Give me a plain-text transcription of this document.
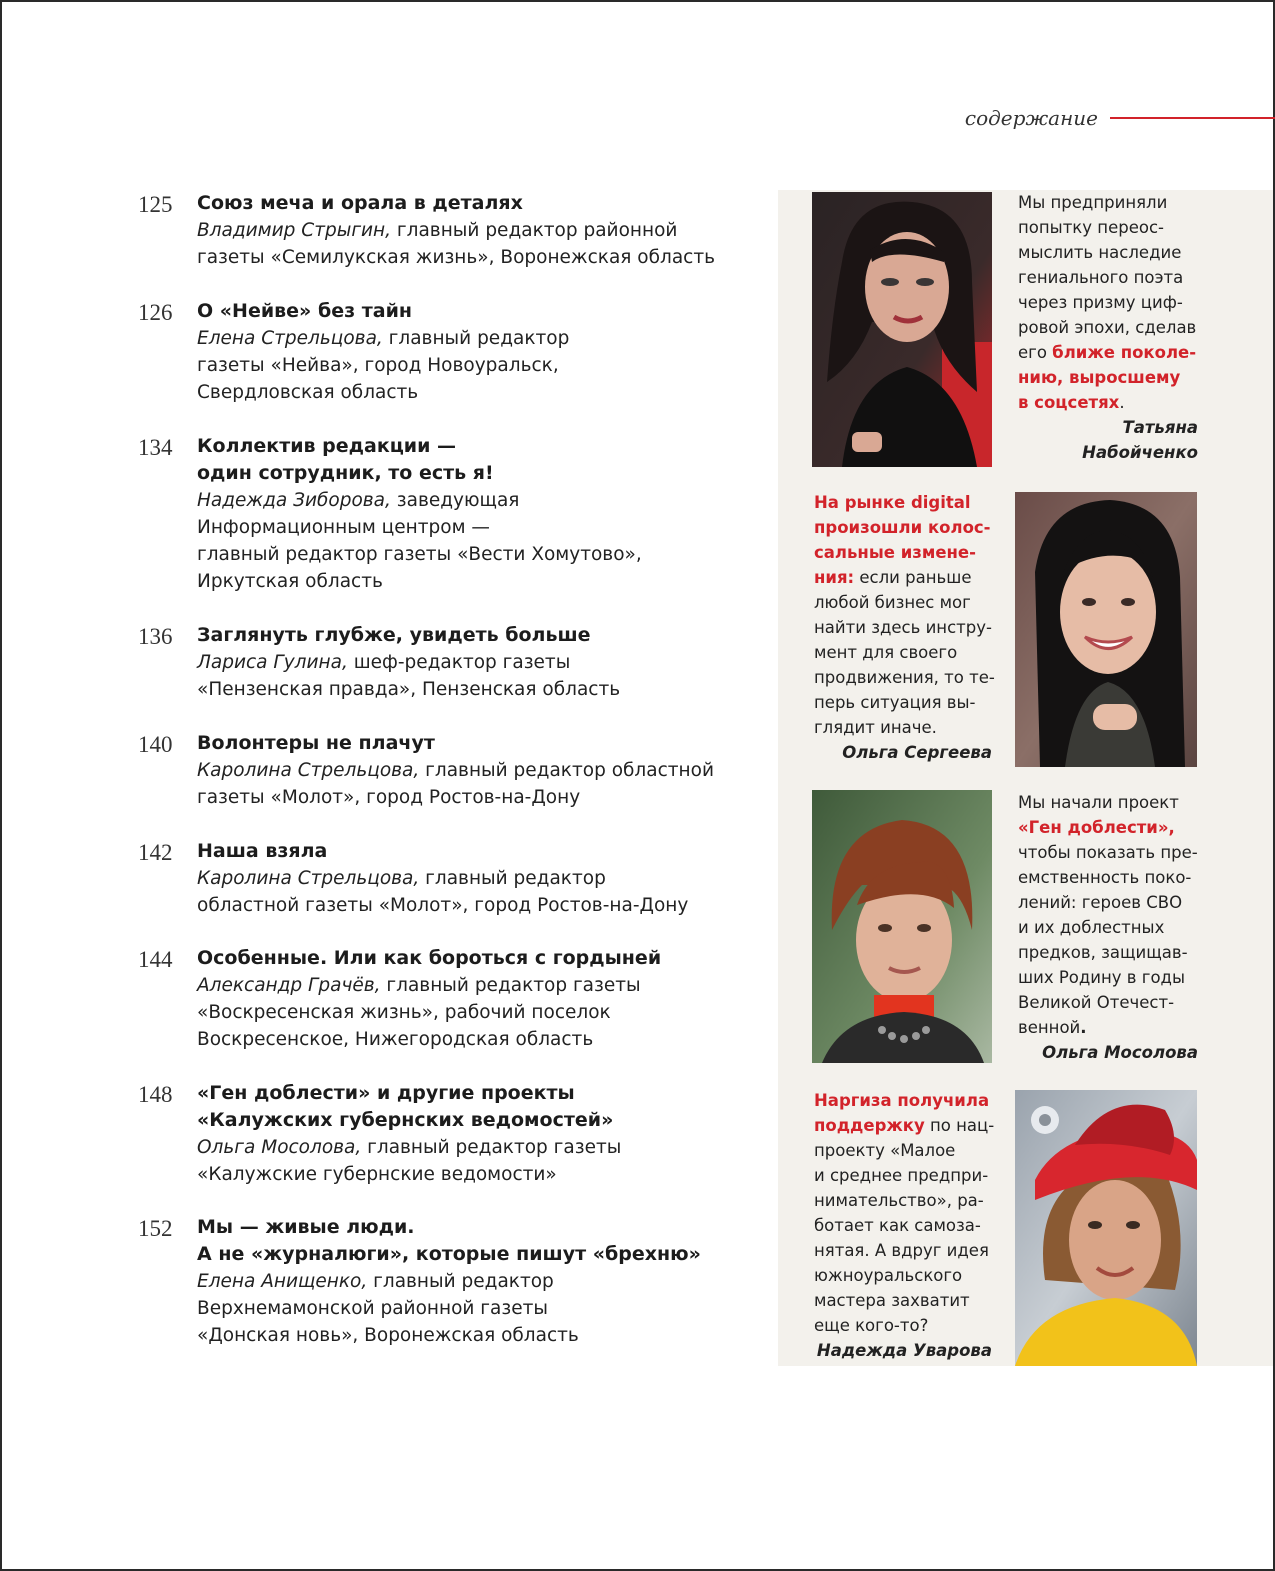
содержание
125 Союз меча и орала в деталях
Владимир Стрыгин, главный редактор районной
газеты «Семилукская жизнь», Воронежская область
126 О «Нейве» без тайн
Елена Стрельцова, главный редактор
газеты «Нейва», город Новоуральск,
Свердловская область
134 Коллектив редакции —
один сотрудник, то есть я!
Надежда Зиборова, заведующая
Информационным центром —
главный редактор газеты «Вести Хомутово»,
Иркутская область
136 Заглянуть глубже, увидеть больше
Лариса Гулина, шеф-редактор газеты
«Пензенская правда», Пензенская область
140 Волонтеры не плачут
Каролина Стрельцова, главный редактор областной
газеты «Молот», город Ростов-на-Дону
142 Наша взяла
Каролина Стрельцова, главный редактор
областной газеты «Молот», город Ростов-на-Дону
144 Особенные. Или как бороться с гордыней
Александр Грачёв, главный редактор газеты
«Воскресенская жизнь», рабочий поселок
Воскресенское, Нижегородская область
148 «Ген доблести» и другие проекты
«Калужских губернских ведомостей»
Ольга Мосолова, главный редактор газеты
«Калужские губернские ведомости»
152 Мы — живые люди.
А не «журналюги», которые пишут «брехню»
Елена Анищенко, главный редактор
Верхнемамонской районной газеты
«Донская новь», Воронежская область
Мы предприняли
попытку переос-
мыслить наследие
гениального поэта
через призму циф-
ровой эпохи, сделав
его ближе поколе-
нию, выросшему
в соцсетях.
Татьяна
Набойченко
На рынке digital
произошли колос-
сальные измене-
ния: если раньше
любой бизнес мог
найти здесь инстру-
мент для своего
продвижения, то те-
перь ситуация вы-
глядит иначе.
Ольга Сергеева
Мы начали проект
«Ген доблести»,
чтобы показать пре-
емственность поко-
лений: героев СВО
и их доблестных
предков, защищав-
ших Родину в годы
Великой Отечест-
венной.
Ольга Мосолова
Наргиза получила
поддержку по нац-
проекту «Малое
и среднее предпри-
нимательство», ра-
ботает как самоза-
нятая. А вдруг идея
южноуральского
мастера захватит
еще кого-то?
Надежда Уварова
